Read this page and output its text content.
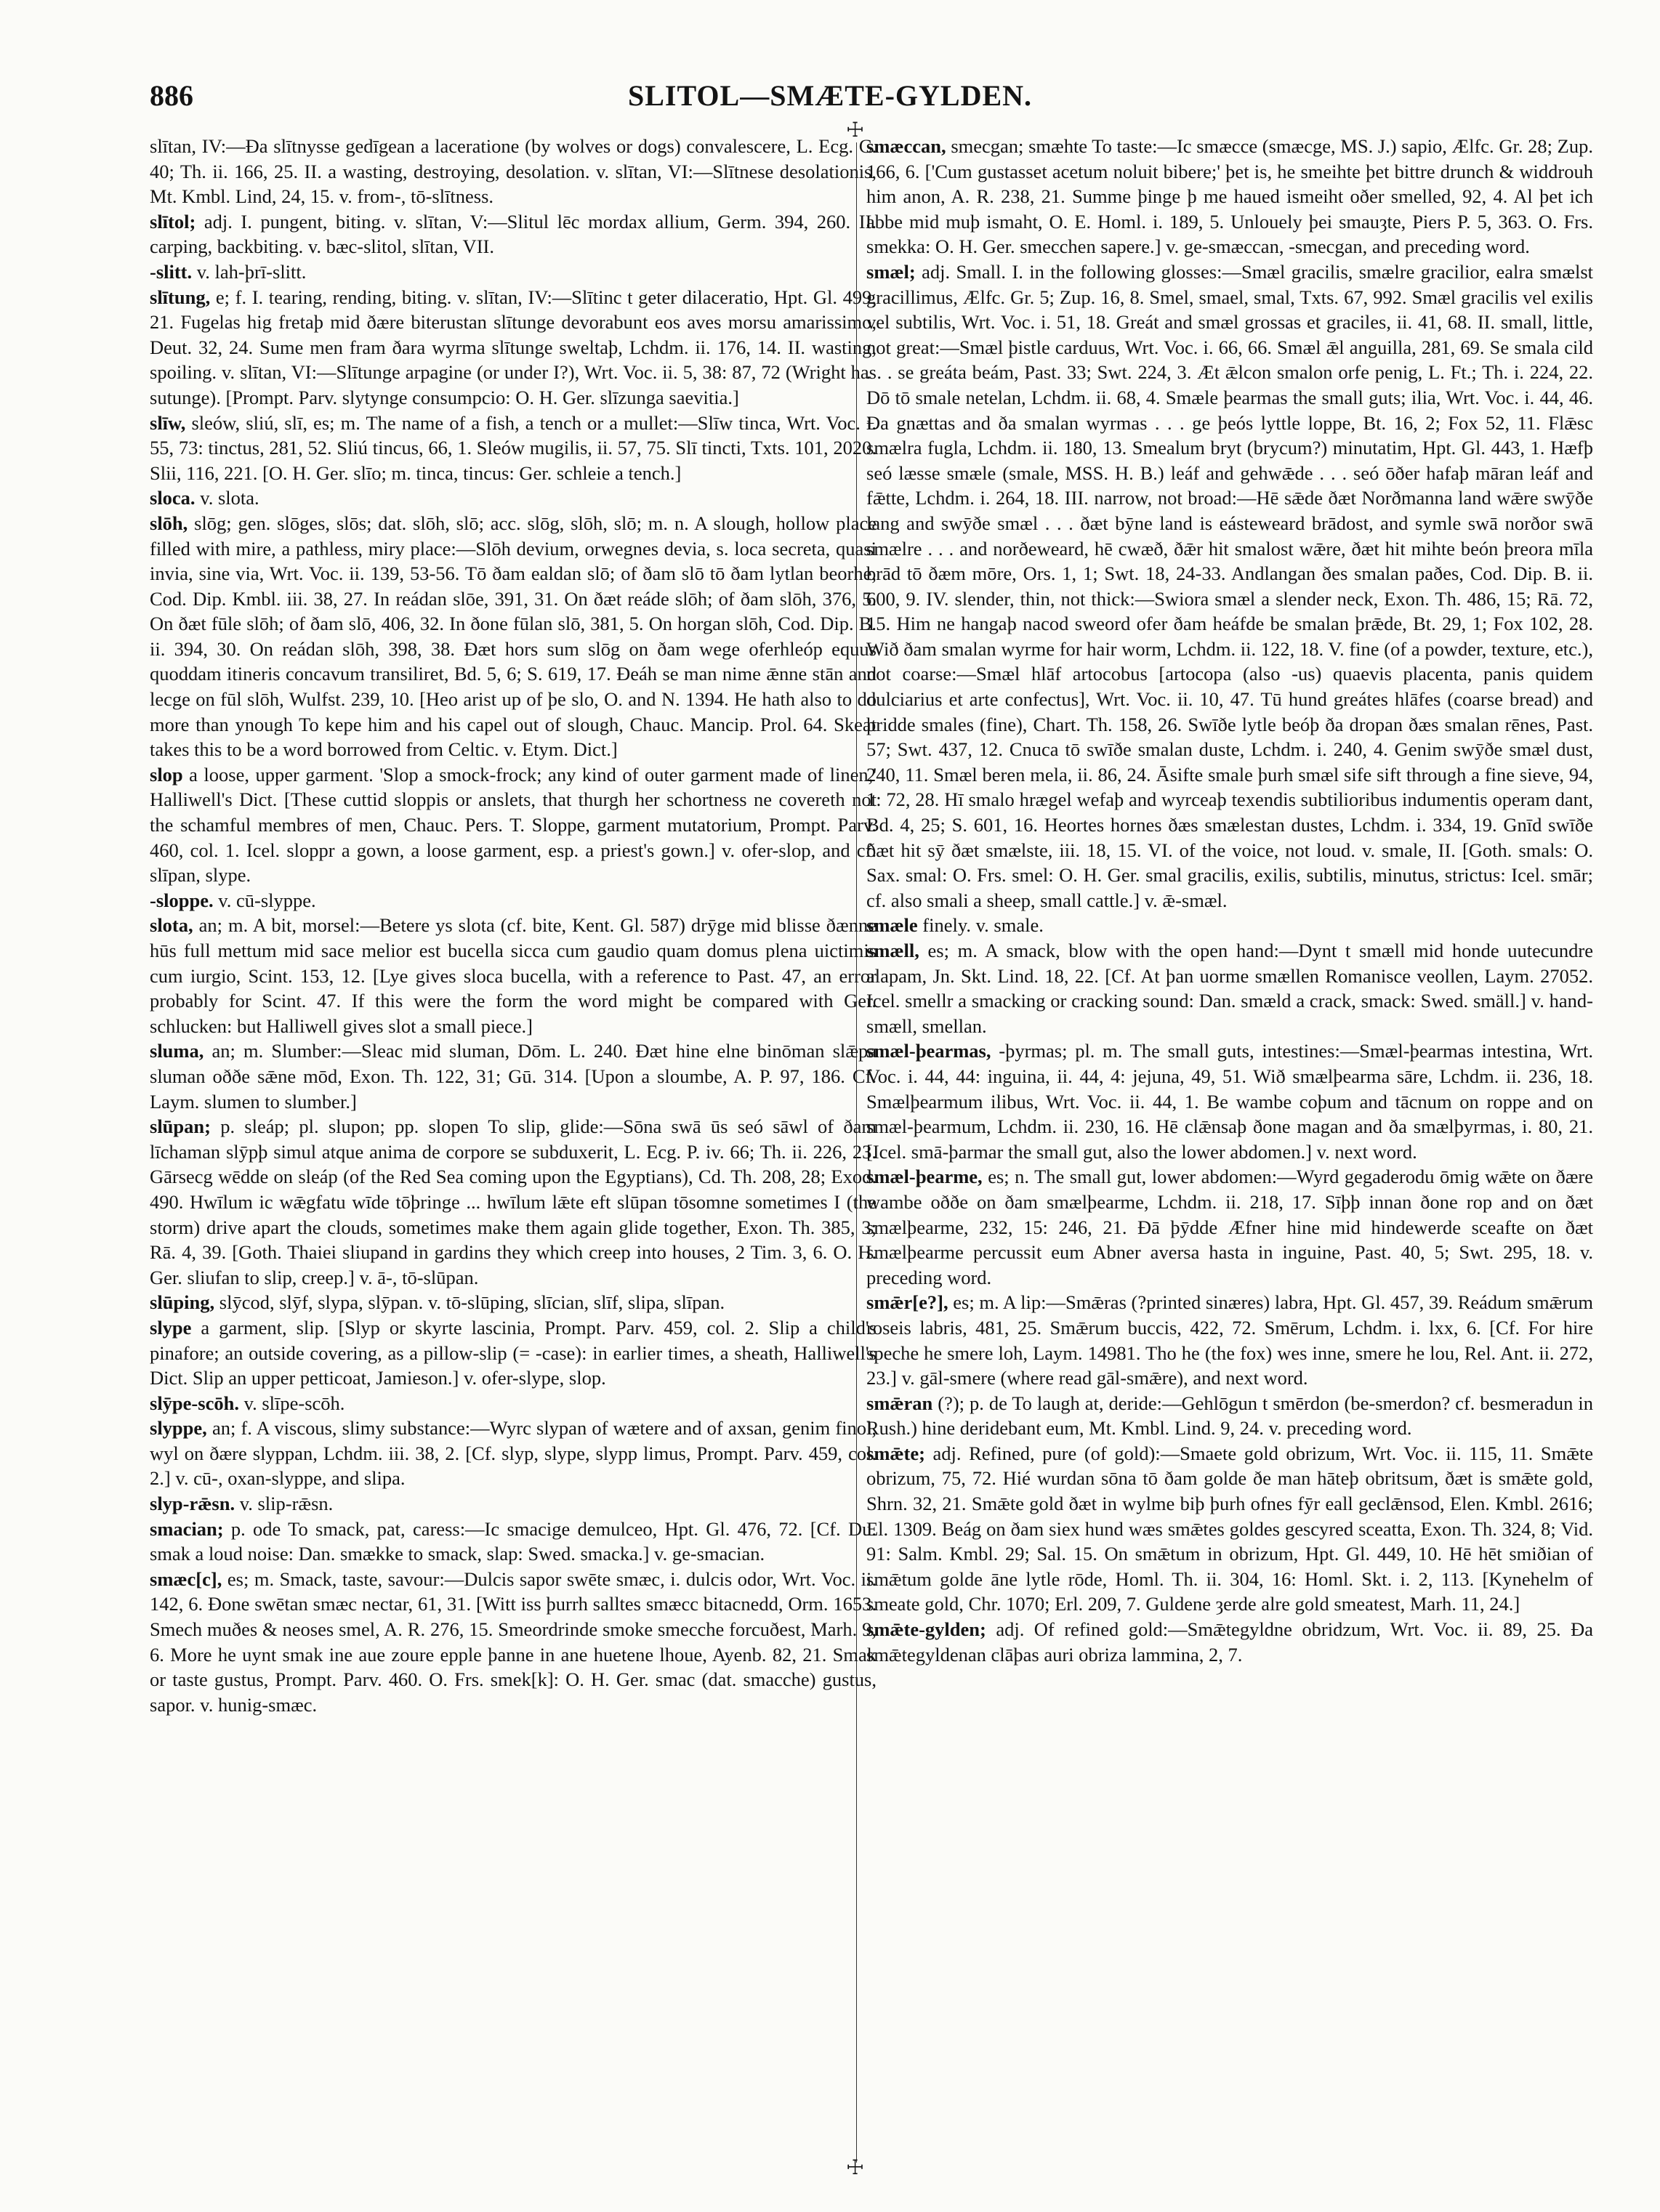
886	SLITOL—SMÆTE-GYLDEN.
☩
☩

slītan, IV:—Ða slītnysse gedīgean a laceratione (by wolves or dogs) convalescere, L. Ecg. C. 40; Th. ii. 166, 25. II. a wasting, destroying, desolation. v. slītan, VI:—Slītnese desolationis, Mt. Kmbl. Lind, 24, 15. v. from-, tō-slītness.

slītol; adj. I. pungent, biting. v. slītan, V:—Slitul lēc mordax allium, Germ. 394, 260. II. carping, backbiting. v. bæc-slitol, slītan, VII.

-slitt. v. lah-þrī-slitt.

slītung, e; f. I. tearing, rending, biting. v. slītan, IV:—Slītinc t geter dilaceratio, Hpt. Gl. 499, 21. Fugelas hig fretaþ mid ðære biterustan slītunge devorabunt eos aves morsu amarissimo, Deut. 32, 24. Sume men fram ðara wyrma slītunge sweltaþ, Lchdm. ii. 176, 14. II. wasting, spoiling. v. slītan, VI:—Slītunge arpagine (or under I?), Wrt. Voc. ii. 5, 38: 87, 72 (Wright has sutunge). [Prompt. Parv. slytynge consumpcio: O. H. Ger. slīzunga saevitia.]

slīw, sleów, sliú, slī, es; m. The name of a fish, a tench or a mullet:—Slīw tinca, Wrt. Voc. i. 55, 73: tinctus, 281, 52. Sliú tincus, 66, 1. Sleów mugilis, ii. 57, 75. Slī tincti, Txts. 101, 2020. Slii, 116, 221. [O. H. Ger. slīo; m. tinca, tincus: Ger. schleie a tench.]

sloca. v. slota.

slōh, slōg; gen. slōges, slōs; dat. slōh, slō; acc. slōg, slōh, slō; m. n. A slough, hollow place filled with mire, a pathless, miry place:—Slōh devium, orwegnes devia, s. loca secreta, quasi invia, sine via, Wrt. Voc. ii. 139, 53-56. Tō ðam ealdan slō; of ðam slō tō ðam lytlan beorhe, Cod. Dip. Kmbl. iii. 38, 27. In reádan slōe, 391, 31. On ðæt reáde slōh; of ðam slōh, 376, 5. On ðæt fūle slōh; of ðam slō, 406, 32. In ðone fūlan slō, 381, 5. On horgan slōh, Cod. Dip. B. ii. 394, 30. On reádan slōh, 398, 38. Ðæt hors sum slōg on ðam wege oferhleóp equus quoddam itineris concavum transiliret, Bd. 5, 6; S. 619, 17. Ðeáh se man nime ǣnne stān and lecge on fūl slōh, Wulfst. 239, 10. [Heo arist up of þe slo, O. and N. 1394. He hath also to do more than ynough To kepe him and his capel out of slough, Chauc. Mancip. Prol. 64. Skeat takes this to be a word borrowed from Celtic. v. Etym. Dict.]

slop a loose, upper garment. 'Slop a smock-frock; any kind of outer garment made of linen,' Halliwell's Dict. [These cuttid sloppis or anslets, that thurgh her schortness ne covereth not the schamful membres of men, Chauc. Pers. T. Sloppe, garment mutatorium, Prompt. Parv. 460, col. 1. Icel. sloppr a gown, a loose garment, esp. a priest's gown.] v. ofer-slop, and cf. slīpan, slype.

-sloppe. v. cū-slyppe.

slota, an; m. A bit, morsel:—Betere ys slota (cf. bite, Kent. Gl. 587) drȳge mid blisse ðænne hūs full mettum mid sace melior est bucella sicca cum gaudio quam domus plena uictimis cum iurgio, Scint. 153, 12. [Lye gives sloca bucella, with a reference to Past. 47, an error probably for Scint. 47. If this were the form the word might be compared with Ger. schlucken: but Halliwell gives slot a small piece.]

sluma, an; m. Slumber:—Sleac mid sluman, Dōm. L. 240. Ðæt hine elne binōman slǣpa sluman oððe sǣne mōd, Exon. Th. 122, 31; Gū. 314. [Upon a sloumbe, A. P. 97, 186. Cf. Laym. slumen to slumber.]

slūpan; p. sleáp; pl. slupon; pp. slopen To slip, glide:—Sōna swā ūs seó sāwl of ðam līchaman slȳpþ simul atque anima de corpore se subduxerit, L. Ecg. P. iv. 66; Th. ii. 226, 23. Gārsecg wēdde on sleáp (of the Red Sea coming upon the Egyptians), Cd. Th. 208, 28; Exod. 490. Hwīlum ic wǣgfatu wīde tōþringe ... hwīlum lǣte eft slūpan tōsomne sometimes I (the storm) drive apart the clouds, sometimes make them again glide together, Exon. Th. 385, 3; Rā. 4, 39. [Goth. Thaiei sliupand in gardins they which creep into houses, 2 Tim. 3, 6. O. H. Ger. sliufan to slip, creep.] v. ā-, tō-slūpan.

slūping, slȳcod, slȳf, slypa, slȳpan. v. tō-slūping, slīcian, slīf, slipa, slīpan.

slype a garment, slip. [Slyp or skyrte lascinia, Prompt. Parv. 459, col. 2. Slip a child's pinafore; an outside covering, as a pillow-slip (= -case): in earlier times, a sheath, Halliwell's Dict. Slip an upper petticoat, Jamieson.] v. ofer-slype, slop.

slȳpe-scōh. v. slīpe-scōh.

slyppe, an; f. A viscous, slimy substance:—Wyrc slypan of wætere and of axsan, genim finol, wyl on ðære slyppan, Lchdm. iii. 38, 2. [Cf. slyp, slype, slypp limus, Prompt. Parv. 459, col. 2.] v. cū-, oxan-slyppe, and slipa.

slyp-rǣsn. v. slip-rǣsn.

smacian; p. ode To smack, pat, caress:—Ic smacige demulceo, Hpt. Gl. 476, 72. [Cf. Du. smak a loud noise: Dan. smække to smack, slap: Swed. smacka.] v. ge-smacian.

smæc[c], es; m. Smack, taste, savour:—Dulcis sapor swēte smæc, i. dulcis odor, Wrt. Voc. ii. 142, 6. Ðone swētan smæc nectar, 61, 31. [Witt iss þurrh salltes smæcc bitacnedd, Orm. 1653. Smech muðes & neoses smel, A. R. 276, 15. Smeordrinde smoke smecche forcuðest, Marh. 9, 6. More he uynt smak ine aue zoure epple þanne in ane huetene lhoue, Ayenb. 82, 21. Smak or taste gustus, Prompt. Parv. 460. O. Frs. smek[k]: O. H. Ger. smac (dat. smacche) gustus, sapor. v. hunig-smæc.

smæccan, smecgan; smæhte To taste:—Ic smæcce (smæcge, MS. J.) sapio, Ælfc. Gr. 28; Zup. 166, 6. ['Cum gustasset acetum noluit bibere;' þet is, he smeihte þet bittre drunch & widdrouh him anon, A. R. 238, 21. Summe þinge þ me haued ismeiht oðer smelled, 92, 4. Al þet ich abbe mid muþ ismaht, O. E. Homl. i. 189, 5. Unlouely þei smauȝte, Piers P. 5, 363. O. Frs. smekka: O. H. Ger. smecchen sapere.] v. ge-smæccan, -smecgan, and preceding word.

smæl; adj. Small. I. in the following glosses:—Smæl gracilis, smælre gracilior, ealra smælst gracillimus, Ælfc. Gr. 5; Zup. 16, 8. Smel, smael, smal, Txts. 67, 992. Smæl gracilis vel exilis vel subtilis, Wrt. Voc. i. 51, 18. Greát and smæl grossas et graciles, ii. 41, 68. II. small, little, not great:—Smæl þistle carduus, Wrt. Voc. i. 66, 66. Smæl ǣl anguilla, 281, 69. Se smala cild . . . se greáta beám, Past. 33; Swt. 224, 3. Æt ǣlcon smalon orfe penig, L. Ft.; Th. i. 224, 22. Dō tō smale netelan, Lchdm. ii. 68, 4. Smæle þearmas the small guts; ilia, Wrt. Voc. i. 44, 46. Ða gnættas and ða smalan wyrmas . . . ge þeós lyttle loppe, Bt. 16, 2; Fox 52, 11. Flǣsc smælra fugla, Lchdm. ii. 180, 13. Smealum bryt (brycum?) minutatim, Hpt. Gl. 443, 1. Hæfþ seó læsse smæle (smale, MSS. H. B.) leáf and gehwǣde . . . seó ōðer hafaþ māran leáf and fǣtte, Lchdm. i. 264, 18. III. narrow, not broad:—Hē sǣde ðæt Norðmanna land wǣre swȳðe lang and swȳðe smæl . . . ðæt bȳne land is eásteweard brādost, and symle swā norðor swā smælre . . . and norðeweard, hē cwæð, ðǣr hit smalost wǣre, ðæt hit mihte beón þreora mīla brād tō ðæm mōre, Ors. 1, 1; Swt. 18, 24-33. Andlangan ðes smalan paðes, Cod. Dip. B. ii. 600, 9. IV. slender, thin, not thick:—Swiora smæl a slender neck, Exon. Th. 486, 15; Rā. 72, 15. Him ne hangaþ nacod sweord ofer ðam heáfde be smalan þrǣde, Bt. 29, 1; Fox 102, 28. Wið ðam smalan wyrme for hair worm, Lchdm. ii. 122, 18. V. fine (of a powder, texture, etc.), not coarse:—Smæl hlāf artocobus [artocopa (also -us) quaevis placenta, panis quidem dulciarius et arte confectus], Wrt. Voc. ii. 10, 47. Tū hund greátes hlāfes (coarse bread) and þridde smales (fine), Chart. Th. 158, 26. Swīðe lytle beóþ ða dropan ðæs smalan rēnes, Past. 57; Swt. 437, 12. Cnuca tō swīðe smalan duste, Lchdm. i. 240, 4. Genim swȳðe smæl dust, 240, 11. Smæl beren mela, ii. 86, 24. Āsifte smale þurh smæl sife sift through a fine sieve, 94, 1: 72, 28. Hī smalo hrægel wefaþ and wyrceaþ texendis subtilioribus indumentis operam dant, Bd. 4, 25; S. 601, 16. Heortes hornes ðæs smælestan dustes, Lchdm. i. 334, 19. Gnīd swīðe ðæt hit sȳ ðæt smælste, iii. 18, 15. VI. of the voice, not loud. v. smale, II. [Goth. smals: O. Sax. smal: O. Frs. smel: O. H. Ger. smal gracilis, exilis, subtilis, minutus, strictus: Icel. smār; cf. also smali a sheep, small cattle.] v. ǣ-smæl.

smæle finely. v. smale.

smæll, es; m. A smack, blow with the open hand:—Dynt t smæll mid honde uutecundre alapam, Jn. Skt. Lind. 18, 22. [Cf. At þan uorme smællen Romanisce veollen, Laym. 27052. Icel. smellr a smacking or cracking sound: Dan. smæld a crack, smack: Swed. smäll.] v. hand-smæll, smellan.

smæl-þearmas, -þyrmas; pl. m. The small guts, intestines:—Smæl-þearmas intestina, Wrt. Voc. i. 44, 44: inguina, ii. 44, 4: jejuna, 49, 51. Wið smælþearma sāre, Lchdm. ii. 236, 18. Smælþearmum ilibus, Wrt. Voc. ii. 44, 1. Be wambe coþum and tācnum on roppe and on smæl-þearmum, Lchdm. ii. 230, 16. Hē clǣnsaþ ðone magan and ða smælþyrmas, i. 80, 21. [Icel. smā-þarmar the small gut, also the lower abdomen.] v. next word.

smæl-þearme, es; n. The small gut, lower abdomen:—Wyrd gegaderodu ōmig wǣte on ðære wambe oððe on ðam smælþearme, Lchdm. ii. 218, 17. Sīþþ innan ðone rop and on ðæt smælþearme, 232, 15: 246, 21. Ðā þȳdde Æfner hine mid hindewerde sceafte on ðæt smælþearme percussit eum Abner aversa hasta in inguine, Past. 40, 5; Swt. 295, 18. v. preceding word.

smǣr[e?], es; m. A lip:—Smǣras (?printed sinæres) labra, Hpt. Gl. 457, 39. Reádum smǣrum roseis labris, 481, 25. Smǣrum buccis, 422, 72. Smērum, Lchdm. i. lxx, 6. [Cf. For hire speche he smere loh, Laym. 14981. Tho he (the fox) wes inne, smere he lou, Rel. Ant. ii. 272, 23.] v. gāl-smere (where read gāl-smǣre), and next word.

smǣran (?); p. de To laugh at, deride:—Gehlōgun t smērdon (be-smerdon? cf. besmeradun in Rush.) hine deridebant eum, Mt. Kmbl. Lind. 9, 24. v. preceding word.

smǣte; adj. Refined, pure (of gold):—Smaete gold obrizum, Wrt. Voc. ii. 115, 11. Smǣte obrizum, 75, 72. Hié wurdan sōna tō ðam golde ðe man hāteþ obritsum, ðæt is smǣte gold, Shrn. 32, 21. Smǣte gold ðæt in wylme biþ þurh ofnes fȳr eall geclǣnsod, Elen. Kmbl. 2616; El. 1309. Beág on ðam siex hund wæs smǣtes goldes gescyred sceatta, Exon. Th. 324, 8; Vid. 91: Salm. Kmbl. 29; Sal. 15. On smǣtum in obrizum, Hpt. Gl. 449, 10. Hē hēt smiðian of smǣtum golde āne lytle rōde, Homl. Th. ii. 304, 16: Homl. Skt. i. 2, 113. [Kynehelm of smeate gold, Chr. 1070; Erl. 209, 7. Guldene ȝerde alre gold smeatest, Marh. 11, 24.]

smǣte-gylden; adj. Of refined gold:—Smǣtegyldne obridzum, Wrt. Voc. ii. 89, 25. Ða smǣtegyldenan clāþas auri obriza lammina, 2, 7.
